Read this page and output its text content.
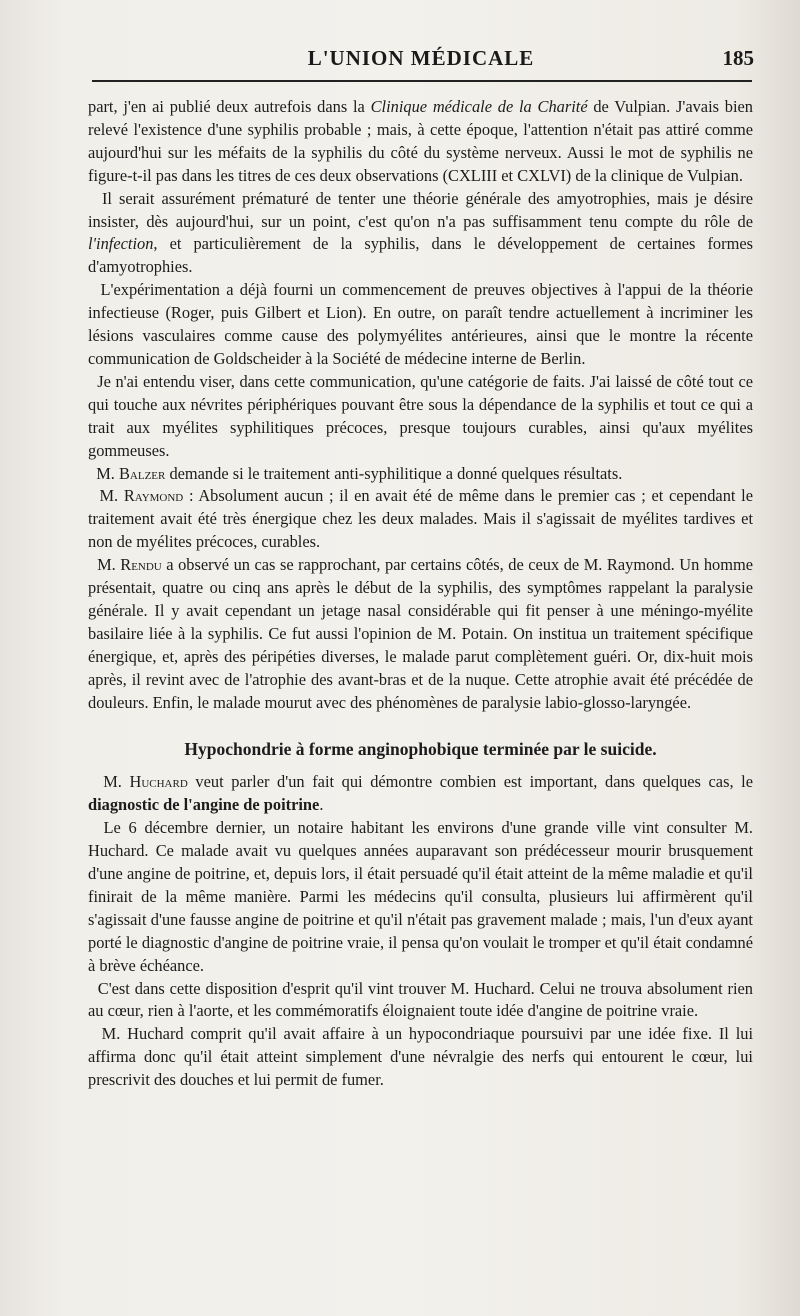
L'UNION MÉDICALE	185

part, j'en ai publié deux autrefois dans la Clinique médicale de la Charité de Vulpian. J'avais bien relevé l'existence d'une syphilis probable ; mais, à cette époque, l'attention n'était pas attiré comme aujourd'hui sur les méfaits de la syphilis du côté du système nerveux. Aussi le mot de syphilis ne figure-t-il pas dans les titres de ces deux observations (CXLIII et CXLVI) de la clinique de Vulpian.

Il serait assurément prématuré de tenter une théorie générale des amyotrophies, mais je désire insister, dès aujourd'hui, sur un point, c'est qu'on n'a pas suffisamment tenu compte du rôle de l'infection, et particulièrement de la syphilis, dans le développement de certaines formes d'amyotrophies.

L'expérimentation a déjà fourni un commencement de preuves objectives à l'appui de la théorie infectieuse (Roger, puis Gilbert et Lion). En outre, on paraît tendre actuellement à incriminer les lésions vasculaires comme cause des polymyélites antérieures, ainsi que le montre la récente communication de Goldscheider à la Société de médecine interne de Berlin.

Je n'ai entendu viser, dans cette communication, qu'une catégorie de faits. J'ai laissé de côté tout ce qui touche aux névrites périphériques pouvant être sous la dépendance de la syphilis et tout ce qui a trait aux myélites syphilitiques précoces, presque toujours curables, ainsi qu'aux myélites gommeuses.

M. Balzer demande si le traitement anti-syphilitique a donné quelques résultats.

M. Raymond : Absolument aucun ; il en avait été de même dans le premier cas ; et cependant le traitement avait été très énergique chez les deux malades. Mais il s'agissait de myélites tardives et non de myélites précoces, curables.

M. Rendu a observé un cas se rapprochant, par certains côtés, de ceux de M. Raymond. Un homme présentait, quatre ou cinq ans après le début de la syphilis, des symptômes rappelant la paralysie générale. Il y avait cependant un jetage nasal considérable qui fit penser à une méningo-myélite basilaire liée à la syphilis. Ce fut aussi l'opinion de M. Potain. On institua un traitement spécifique énergique, et, après des péripéties diverses, le malade parut complètement guéri. Or, dix-huit mois après, il revint avec de l'atrophie des avant-bras et de la nuque. Cette atrophie avait été précédée de douleurs. Enfin, le malade mourut avec des phénomènes de paralysie labio-glosso-laryngée.

Hypochondrie à forme anginophobique terminée par le suicide.

M. Huchard veut parler d'un fait qui démontre combien est important, dans quelques cas, le diagnostic de l'angine de poitrine.

Le 6 décembre dernier, un notaire habitant les environs d'une grande ville vint consulter M. Huchard. Ce malade avait vu quelques années auparavant son prédécesseur mourir brusquement d'une angine de poitrine, et, depuis lors, il était persuadé qu'il était atteint de la même maladie et qu'il finirait de la même manière. Parmi les médecins qu'il consulta, plusieurs lui affirmèrent qu'il s'agissait d'une fausse angine de poitrine et qu'il n'était pas gravement malade ; mais, l'un d'eux ayant porté le diagnostic d'angine de poitrine vraie, il pensa qu'on voulait le tromper et qu'il était condamné à brève échéance.

C'est dans cette disposition d'esprit qu'il vint trouver M. Huchard. Celui ne trouva absolument rien au cœur, rien à l'aorte, et les commémoratifs éloignaient toute idée d'angine de poitrine vraie.

M. Huchard comprit qu'il avait affaire à un hypocondriaque poursuivi par une idée fixe. Il lui affirma donc qu'il était atteint simplement d'une névralgie des nerfs qui entourent le cœur, lui prescrivit des douches et lui permit de fumer.
